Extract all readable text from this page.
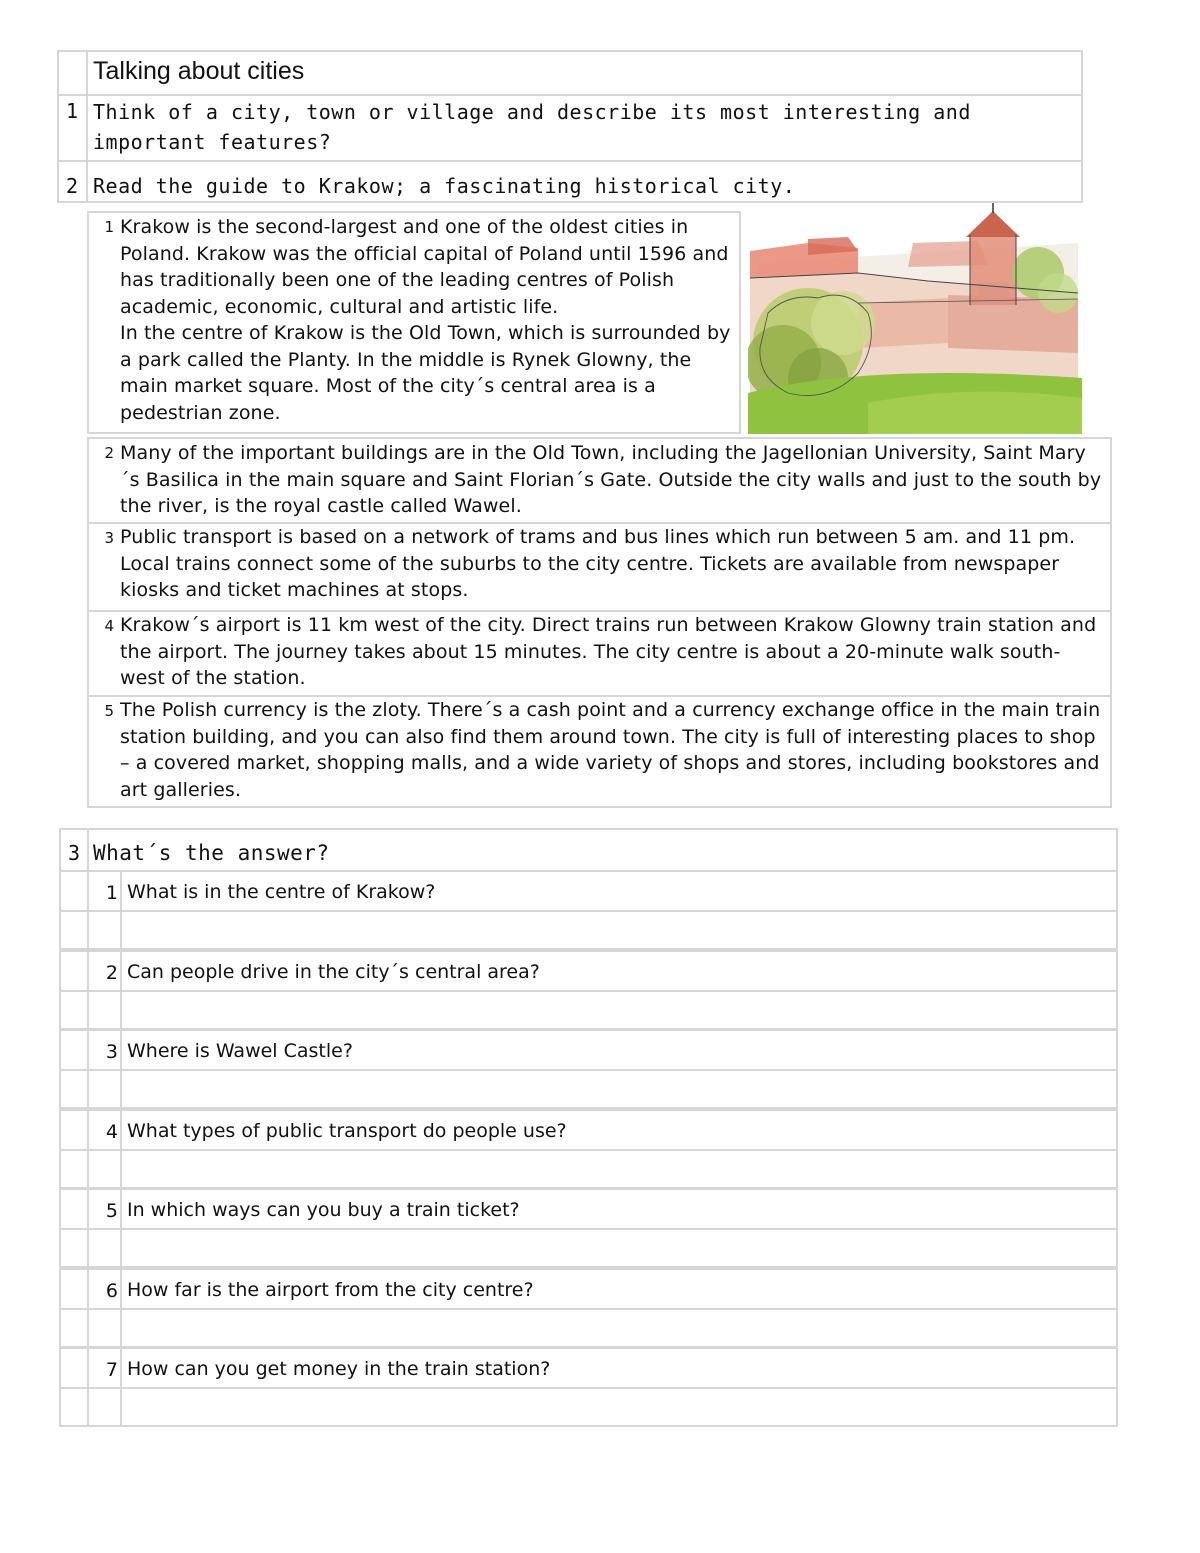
Talking about cities
1 Think of a city, town or village and describe its most interesting and important features?
2 Read the guide to Krakow; a fascinating historical city.
1 Krakow is the second-largest and one of the oldest cities in Poland. Krakow was the official capital of Poland until 1596 and has traditionally been one of the leading centres of Polish academic, economic, cultural and artistic life.
In the centre of Krakow is the Old Town, which is surrounded by a park called the Planty. In the middle is Rynek Glowny, the main market square. Most of the city´s central area is a pedestrian zone.
2 Many of the important buildings are in the Old Town, including the Jagellonian University, Saint Mary´s Basilica in the main square and Saint Florian´s Gate. Outside the city walls and just to the south by the river, is the royal castle called Wawel.
3 Public transport is based on a network of trams and bus lines which run between 5 am. and 11 pm. Local trains connect some of the suburbs to the city centre. Tickets are available from newspaper kiosks and ticket machines at stops.
4 Krakow´s airport is 11 km west of the city. Direct trains run between Krakow Glowny train station and the airport. The journey takes about 15 minutes. The city centre is about a 20-minute walk south-west of the station.
5 The Polish currency is the zloty. There´s a cash point and a currency exchange office in the main train station building, and you can also find them around town. The city is full of interesting places to shop – a covered market, shopping malls, and a wide variety of shops and stores, including bookstores and art galleries.
3 What´s the answer?
1 What is in the centre of Krakow?
2 Can people drive in the city´s central area?
3 Where is Wawel Castle?
4 What types of public transport do people use?
5 In which ways can you buy a train ticket?
6 How far is the airport from the city centre?
7 How can you get money in the train station?
